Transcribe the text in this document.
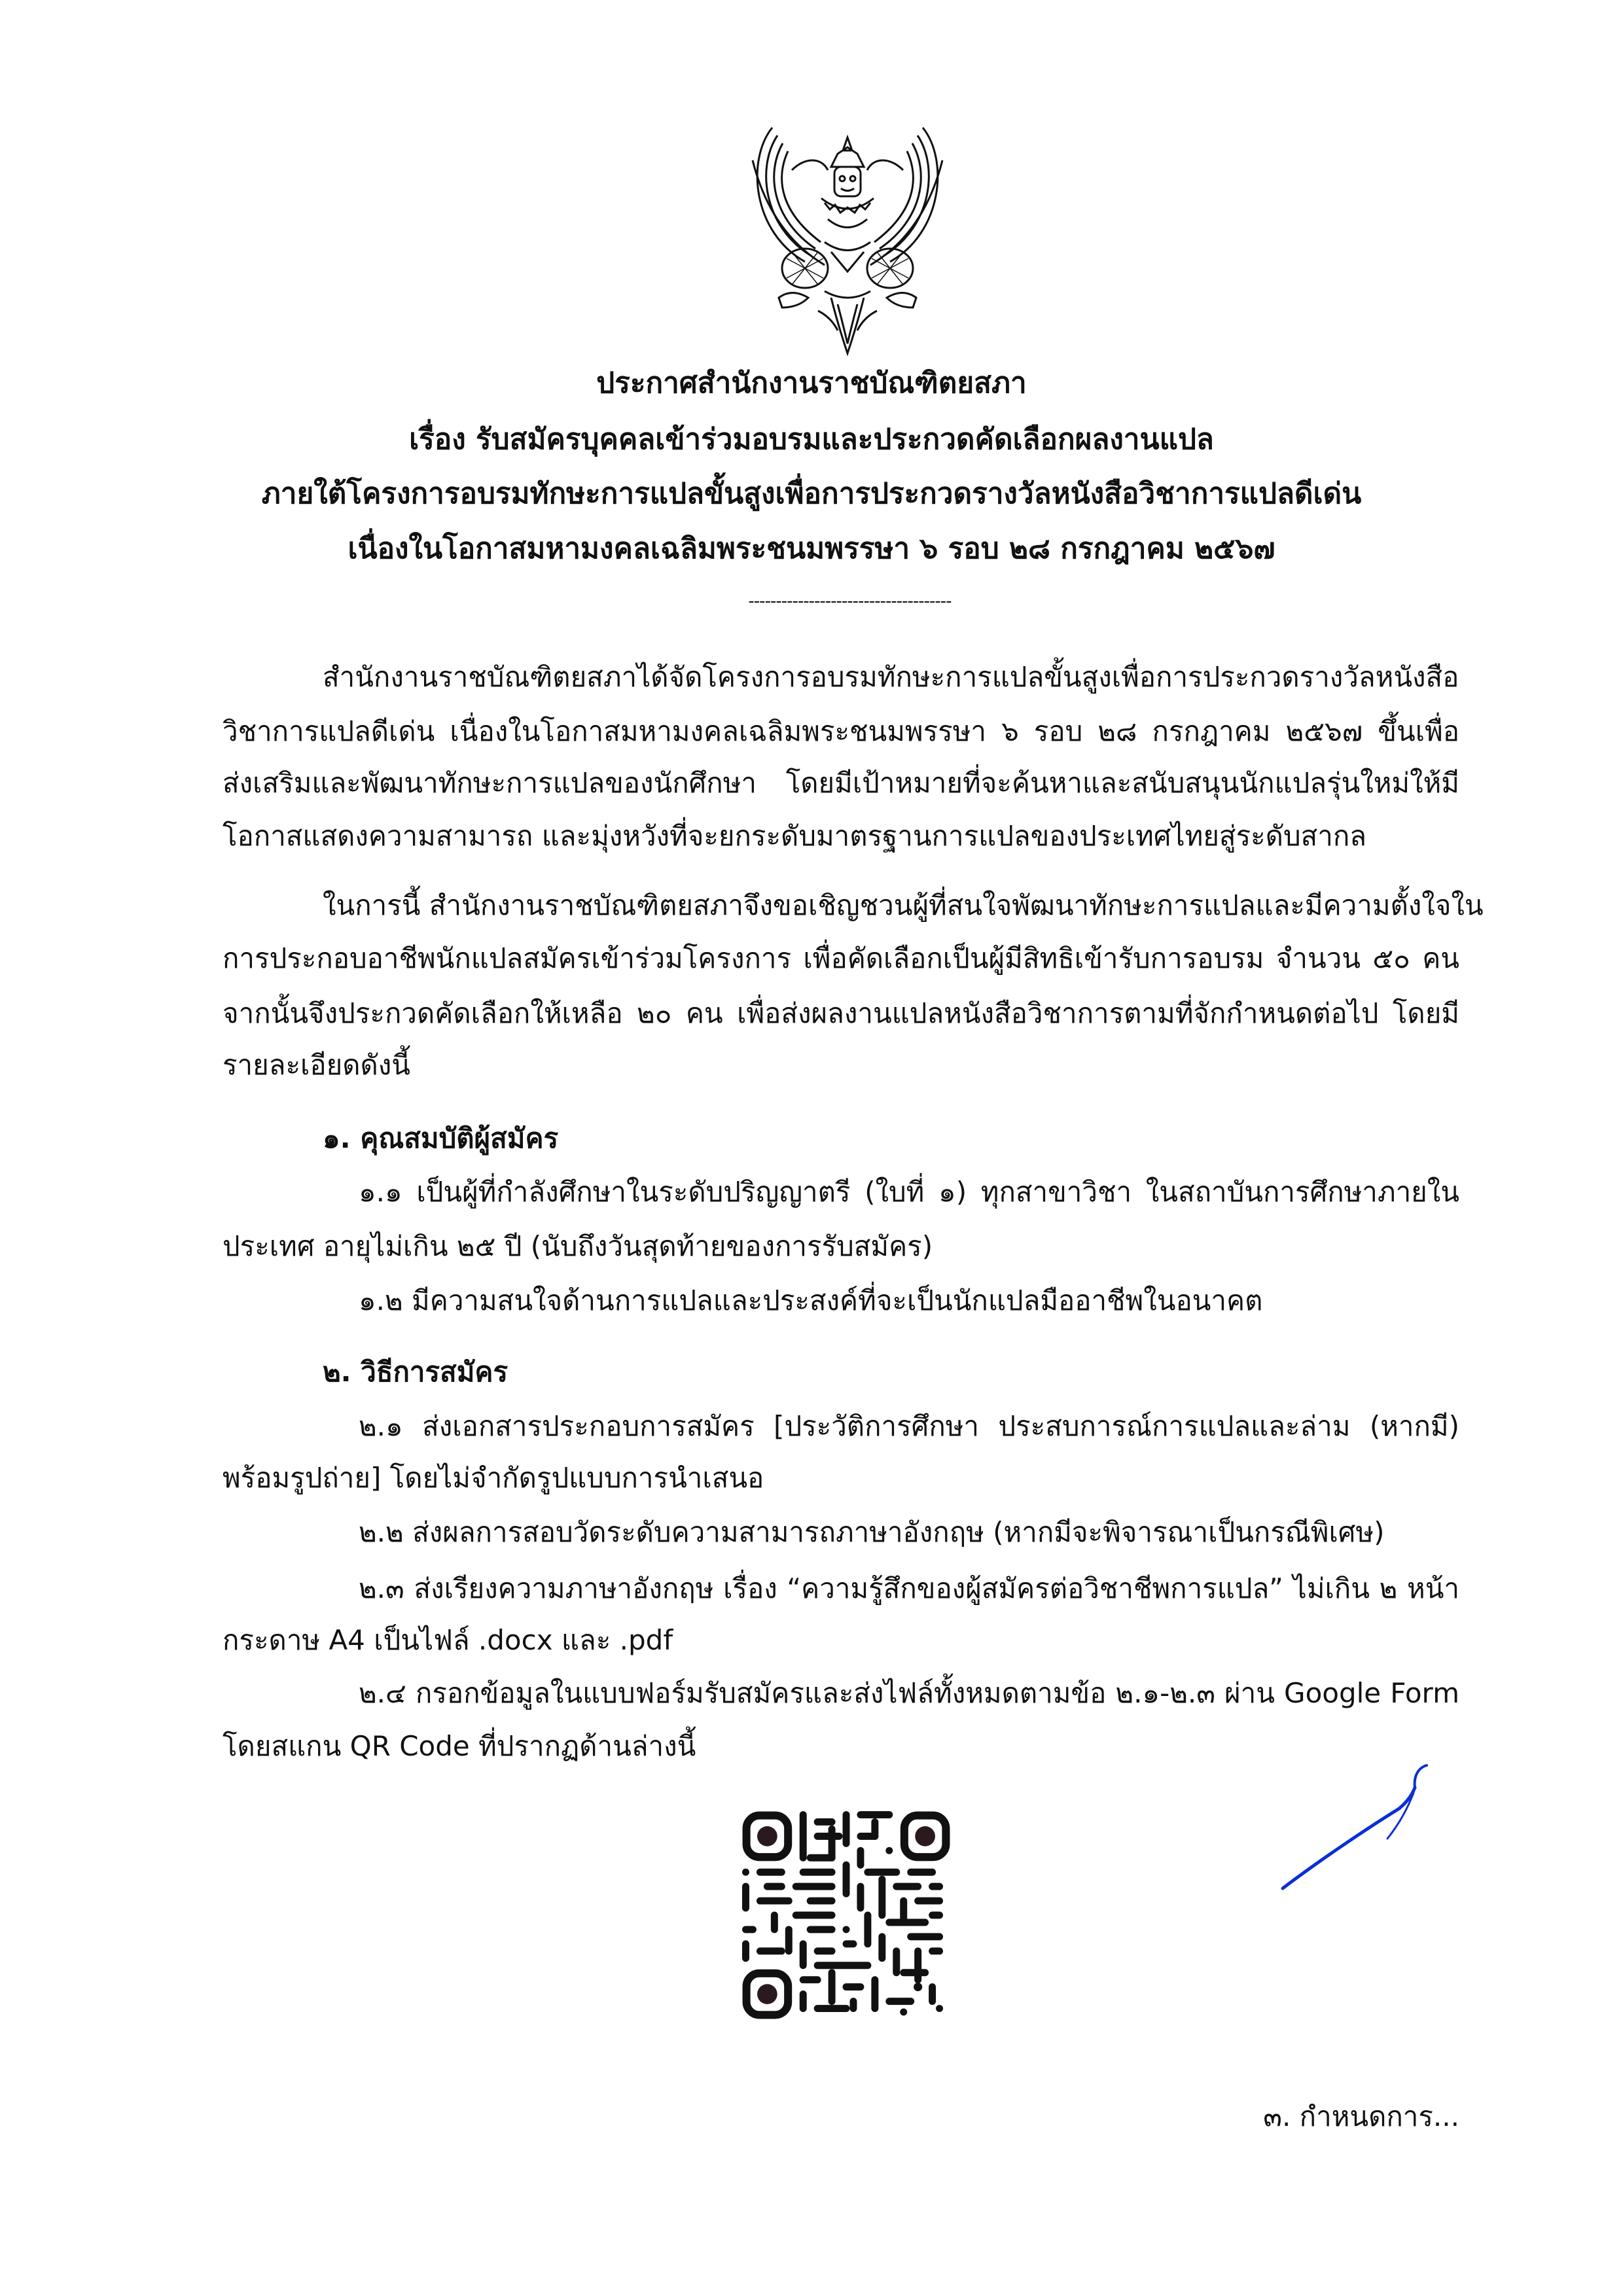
ประกาศสำนักงานราชบัณฑิตยสภา
เรื่อง รับสมัครบุคคลเข้าร่วมอบรมและประกวดคัดเลือกผลงานแปล
ภายใต้โครงการอบรมทักษะการแปลขั้นสูงเพื่อการประกวดรางวัลหนังสือวิชาการแปลดีเด่น
เนื่องในโอกาสมหามงคลเฉลิมพระชนมพรรษา ๖ รอบ ๒๘ กรกฎาคม ๒๕๖๗
-------------------------------------
สำนักงานราชบัณฑิตยสภาได้จัดโครงการอบรมทักษะการแปลขั้นสูงเพื่อการประกวดรางวัลหนังสือ
วิชาการแปลดีเด่น เนื่องในโอกาสมหามงคลเฉลิมพระชนมพรรษา ๖ รอบ ๒๘ กรกฎาคม ๒๕๖๗ ขึ้นเพื่อ
ส่งเสริมและพัฒนาทักษะการแปลของนักศึกษา โดยมีเป้าหมายที่จะค้นหาและสนับสนุนนักแปลรุ่นใหม่ให้มี
โอกาสแสดงความสามารถ และมุ่งหวังที่จะยกระดับมาตรฐานการแปลของประเทศไทยสู่ระดับสากล
ในการนี้ สำนักงานราชบัณฑิตยสภาจึงขอเชิญชวนผู้ที่สนใจพัฒนาทักษะการแปลและมีความตั้งใจใน
การประกอบอาชีพนักแปลสมัครเข้าร่วมโครงการ เพื่อคัดเลือกเป็นผู้มีสิทธิเข้ารับการอบรม จำนวน ๕๐ คน
จากนั้นจึงประกวดคัดเลือกให้เหลือ ๒๐ คน เพื่อส่งผลงานแปลหนังสือวิชาการตามที่จักกำหนดต่อไป โดยมี
รายละเอียดดังนี้
๑. คุณสมบัติผู้สมัคร
๑.๑ เป็นผู้ที่กำลังศึกษาในระดับปริญญาตรี (ใบที่ ๑) ทุกสาขาวิชา ในสถาบันการศึกษาภายใน
ประเทศ อายุไม่เกิน ๒๕ ปี (นับถึงวันสุดท้ายของการรับสมัคร)
๑.๒ มีความสนใจด้านการแปลและประสงค์ที่จะเป็นนักแปลมืออาชีพในอนาคต
๒. วิธีการสมัคร
๒.๑ ส่งเอกสารประกอบการสมัคร [ประวัติการศึกษา ประสบการณ์การแปลและล่าม (หากมี)
พร้อมรูปถ่าย] โดยไม่จำกัดรูปแบบการนำเสนอ
๒.๒ ส่งผลการสอบวัดระดับความสามารถภาษาอังกฤษ (หากมีจะพิจารณาเป็นกรณีพิเศษ)
๒.๓ ส่งเรียงความภาษาอังกฤษ เรื่อง “ความรู้สึกของผู้สมัครต่อวิชาชีพการแปล” ไม่เกิน ๒ หน้า
กระดาษ A4 เป็นไฟล์ .docx และ .pdf
๒.๔ กรอกข้อมูลในแบบฟอร์มรับสมัครและส่งไฟล์ทั้งหมดตามข้อ ๒.๑-๒.๓ ผ่าน Google Form
โดยสแกน QR Code ที่ปรากฏด้านล่างนี้
๓. กำหนดการ...
